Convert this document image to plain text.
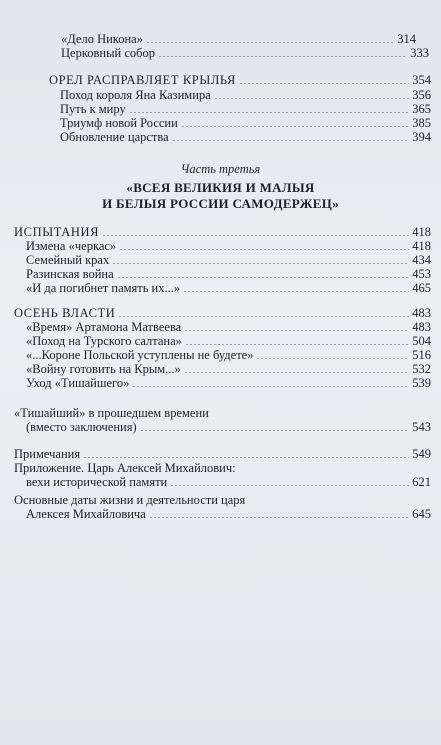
«Дело Никона»	314
Церковный собор	333
ОРЕЛ РАСПРАВЛЯЕТ КРЫЛЬЯ	354
Поход короля Яна Казимира	356
Путь к миру	365
Триумф новой России	385
Обновление царства	394
Часть третья
«ВСЕЯ ВЕЛИКИЯ И МАЛЫЯ
И БЕЛЫЯ РОССИИ САМОДЕРЖЕЦ»
ИСПЫТАНИЯ	418
Измена «черкас»	418
Семейный крах	434
Разинская война	453
«И да погибнет память их...»	465
ОСЕНЬ ВЛАСТИ	483
«Время» Артамона Матвеева	483
«Поход на Турского салтана»	504
«...Короне Польской уступлены не будете»	516
«Войну готовить на Крым...»	532
Уход «Тишайшего»	539
«Тишайший» в прошедшем времени
(вместо заключения)	543
Примечания	549
Приложение. Царь Алексей Михайлович:
вехи исторической памяти	621
Основные даты жизни и деятельности царя
Алексея Михайловича	645
